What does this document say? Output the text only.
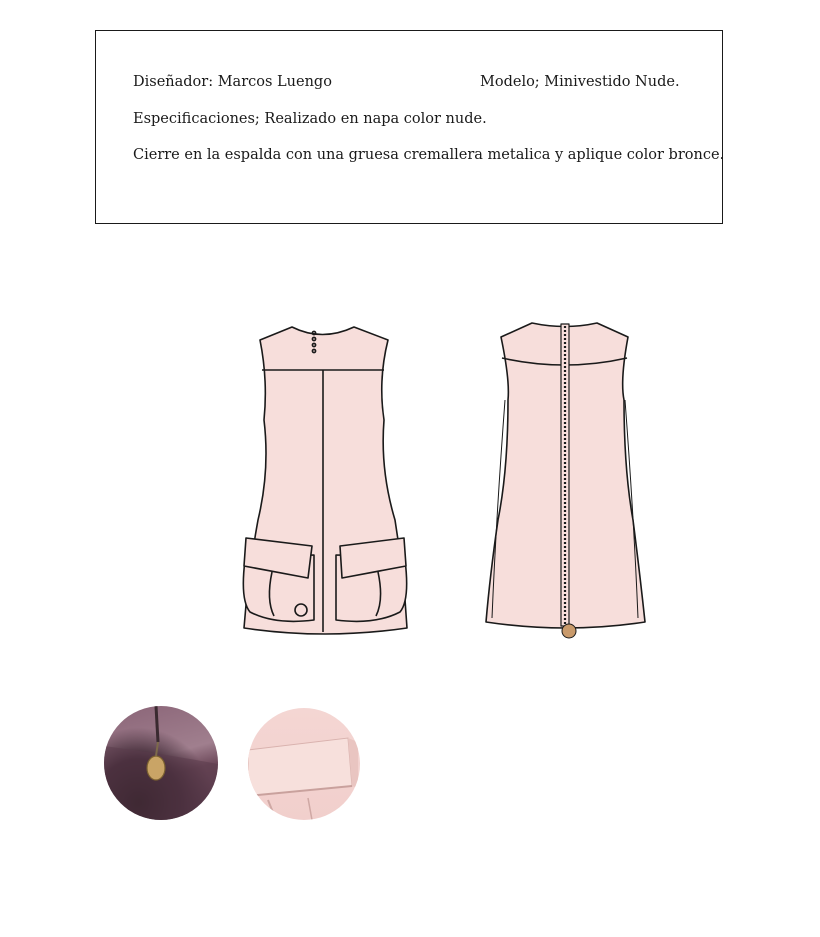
Diseñador: Marcos Luengo	Modelo; Minivestido Nude.
Especificaciones; Realizado en napa color nude.
Cierre en la espalda con una gruesa cremallera metalica y aplique color bronce.
